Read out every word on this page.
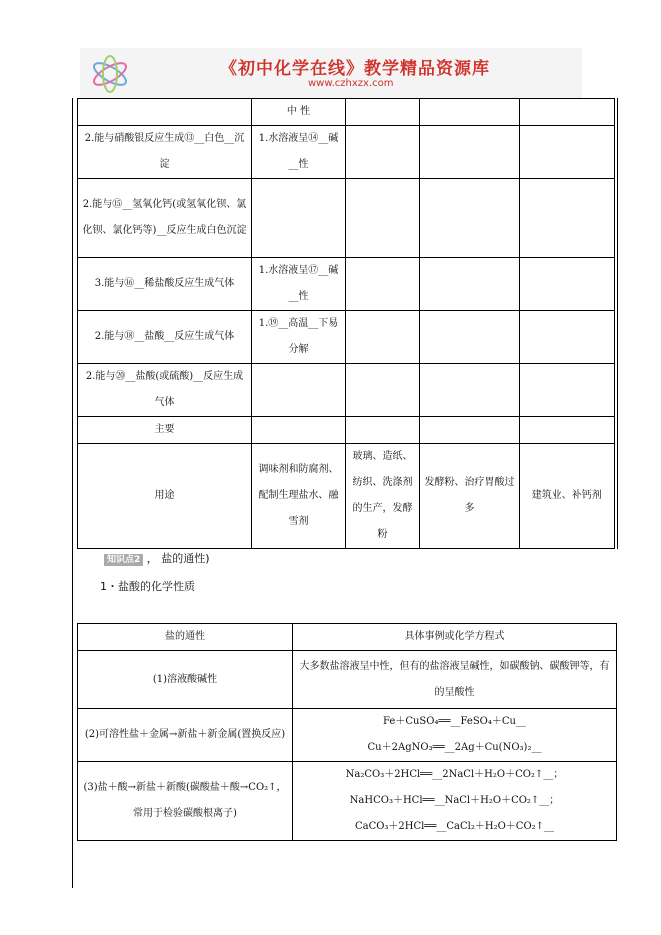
《初中化学在线》教学精品资源库
www.czhxzx.com
	中 性			
2.能与硝酸银反应生成⑬__白色__沉淀	1.水溶液呈⑭__碱__性			
2.能与⑮__氢氧化钙(或氢氧化钡、氯化钡、氯化钙等)__反应生成白色沉淀				
3.能与⑯__稀盐酸反应生成气体	1.水溶液呈⑰__碱__性			
2.能与⑱__盐酸__反应生成气体	1.⑲__高温__下易分解			
2.能与⑳__盐酸(或硫酸)__反应生成气体				
主要				
用途	调味剂和防腐剂、配制生理盐水、融雪剂	玻璃、造纸、纺织、洗涤剂的生产，发酵粉	发酵粉、治疗胃酸过多	建筑业、补钙剂
知识点2 ， 盐的通性)
1・盐酸的化学性质
盐的通性	具体事例或化学方程式
(1)溶液酸碱性	大多数盐溶液呈中性，但有的盐溶液呈碱性，如碳酸钠、碳酸钾等，有的呈酸性

(2)可溶性盐＋金属→新盐＋新金属(置换反应)	Fe＋CuSO₄══__FeSO₄＋Cu__
Cu＋2AgNO₃══__2Ag＋Cu(NO₃)₂__

(3)盐＋酸→新盐＋新酸(碳酸盐＋酸→CO₂↑，常用于检验碳酸根离子)	Na₂CO₃＋2HCl══__2NaCl＋H₂O＋CO₂↑__；
NaHCO₃＋HCl══__NaCl＋H₂O＋CO₂↑__；
CaCO₃＋2HCl══__CaCl₂＋H₂O＋CO₂↑__
